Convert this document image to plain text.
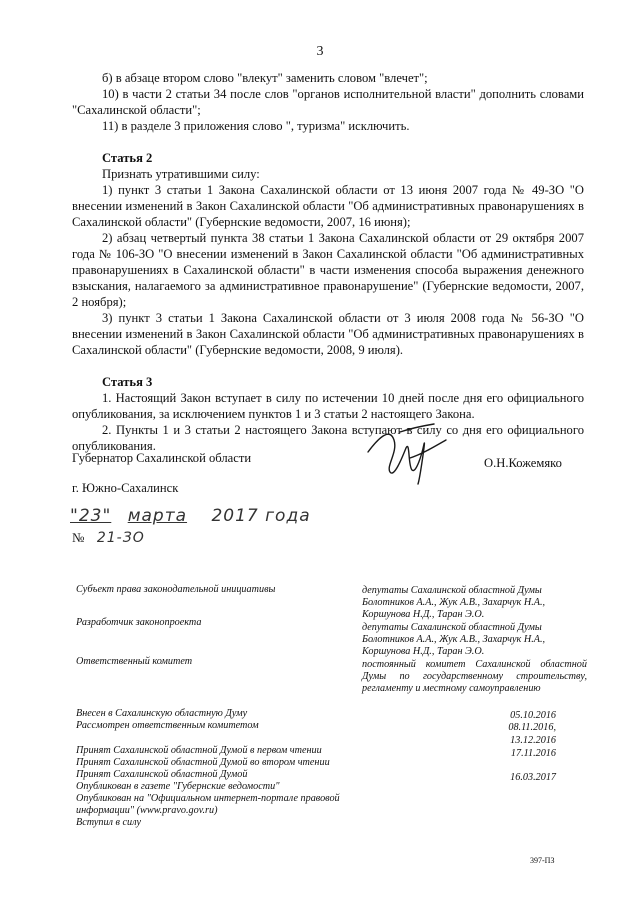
3

б) в абзаце втором слово "влекут" заменить словом "влечет";

10) в части 2 статьи 34 после слов "органов исполнительной власти" дополнить словами "Сахалинской области";

11) в разделе 3 приложения слово ", туризма" исключить.

Статья 2

Признать утратившими силу:

1) пункт 3 статьи 1 Закона Сахалинской области от 13 июня 2007 года № 49-ЗО "О внесении изменений в Закон Сахалинской области "Об административных правонарушениях в Сахалинской области" (Губернские ведомости, 2007, 16 июня);

2) абзац четвертый пункта 38 статьи 1 Закона Сахалинской области от 29 октября 2007 года № 106-ЗО "О внесении изменений в Закон Сахалинской области "Об административных правонарушениях в Сахалинской области" в части изменения способа выражения денежного взыскания, налагаемого за административное правонарушение" (Губернские ведомости, 2007, 2 ноября);

3) пункт 3 статьи 1 Закона Сахалинской области от 3 июля 2008 года № 56-ЗО "О внесении изменений в Закон Сахалинской области "Об административных правонарушениях в Сахалинской области" (Губернские ведомости, 2008, 9 июля).

Статья 3

1. Настоящий Закон вступает в силу по истечении 10 дней после дня его официального опубликования, за исключением пунктов 1 и 3 статьи 2 настоящего Закона.

2. Пункты 1 и 3 статьи 2 настоящего Закона вступают в силу со дня его официального опубликования.

Губернатор Сахалинской области	О.Н.Кожемяко
г. Южно-Сахалинск
"23" марта 2017 года
№ 21-ЗО
Субъект права законодательной инициативы
Разработчик законопроекта
Ответственный комитет
Внесен в Сахалинскую областную Думу
Рассмотрен ответственным комитетом
Принят Сахалинской областной Думой в первом чтении
Принят Сахалинской областной Думой во втором чтении
Принят Сахалинской областной Думой
Опубликован в газете "Губернские ведомости"
Опубликован на "Официальном интернет-портале правовой информации" (www.pravo.gov.ru)
Вступил в силу
депутаты Сахалинской областной Думы Болотников А.А., Жук А.В., Захарчук Н.А., Коршунова Н.Д., Таран Э.О.
депутаты Сахалинской областной Думы Болотников А.А., Жук А.В., Захарчук Н.А., Коршунова Н.Д., Таран Э.О.
постоянный комитет Сахалинской областной Думы по государственному строительству, регламенту и местному самоуправлению
05.10.2016
08.11.2016,
13.12.2016
17.11.2016
16.03.2017
397-ПЗ
